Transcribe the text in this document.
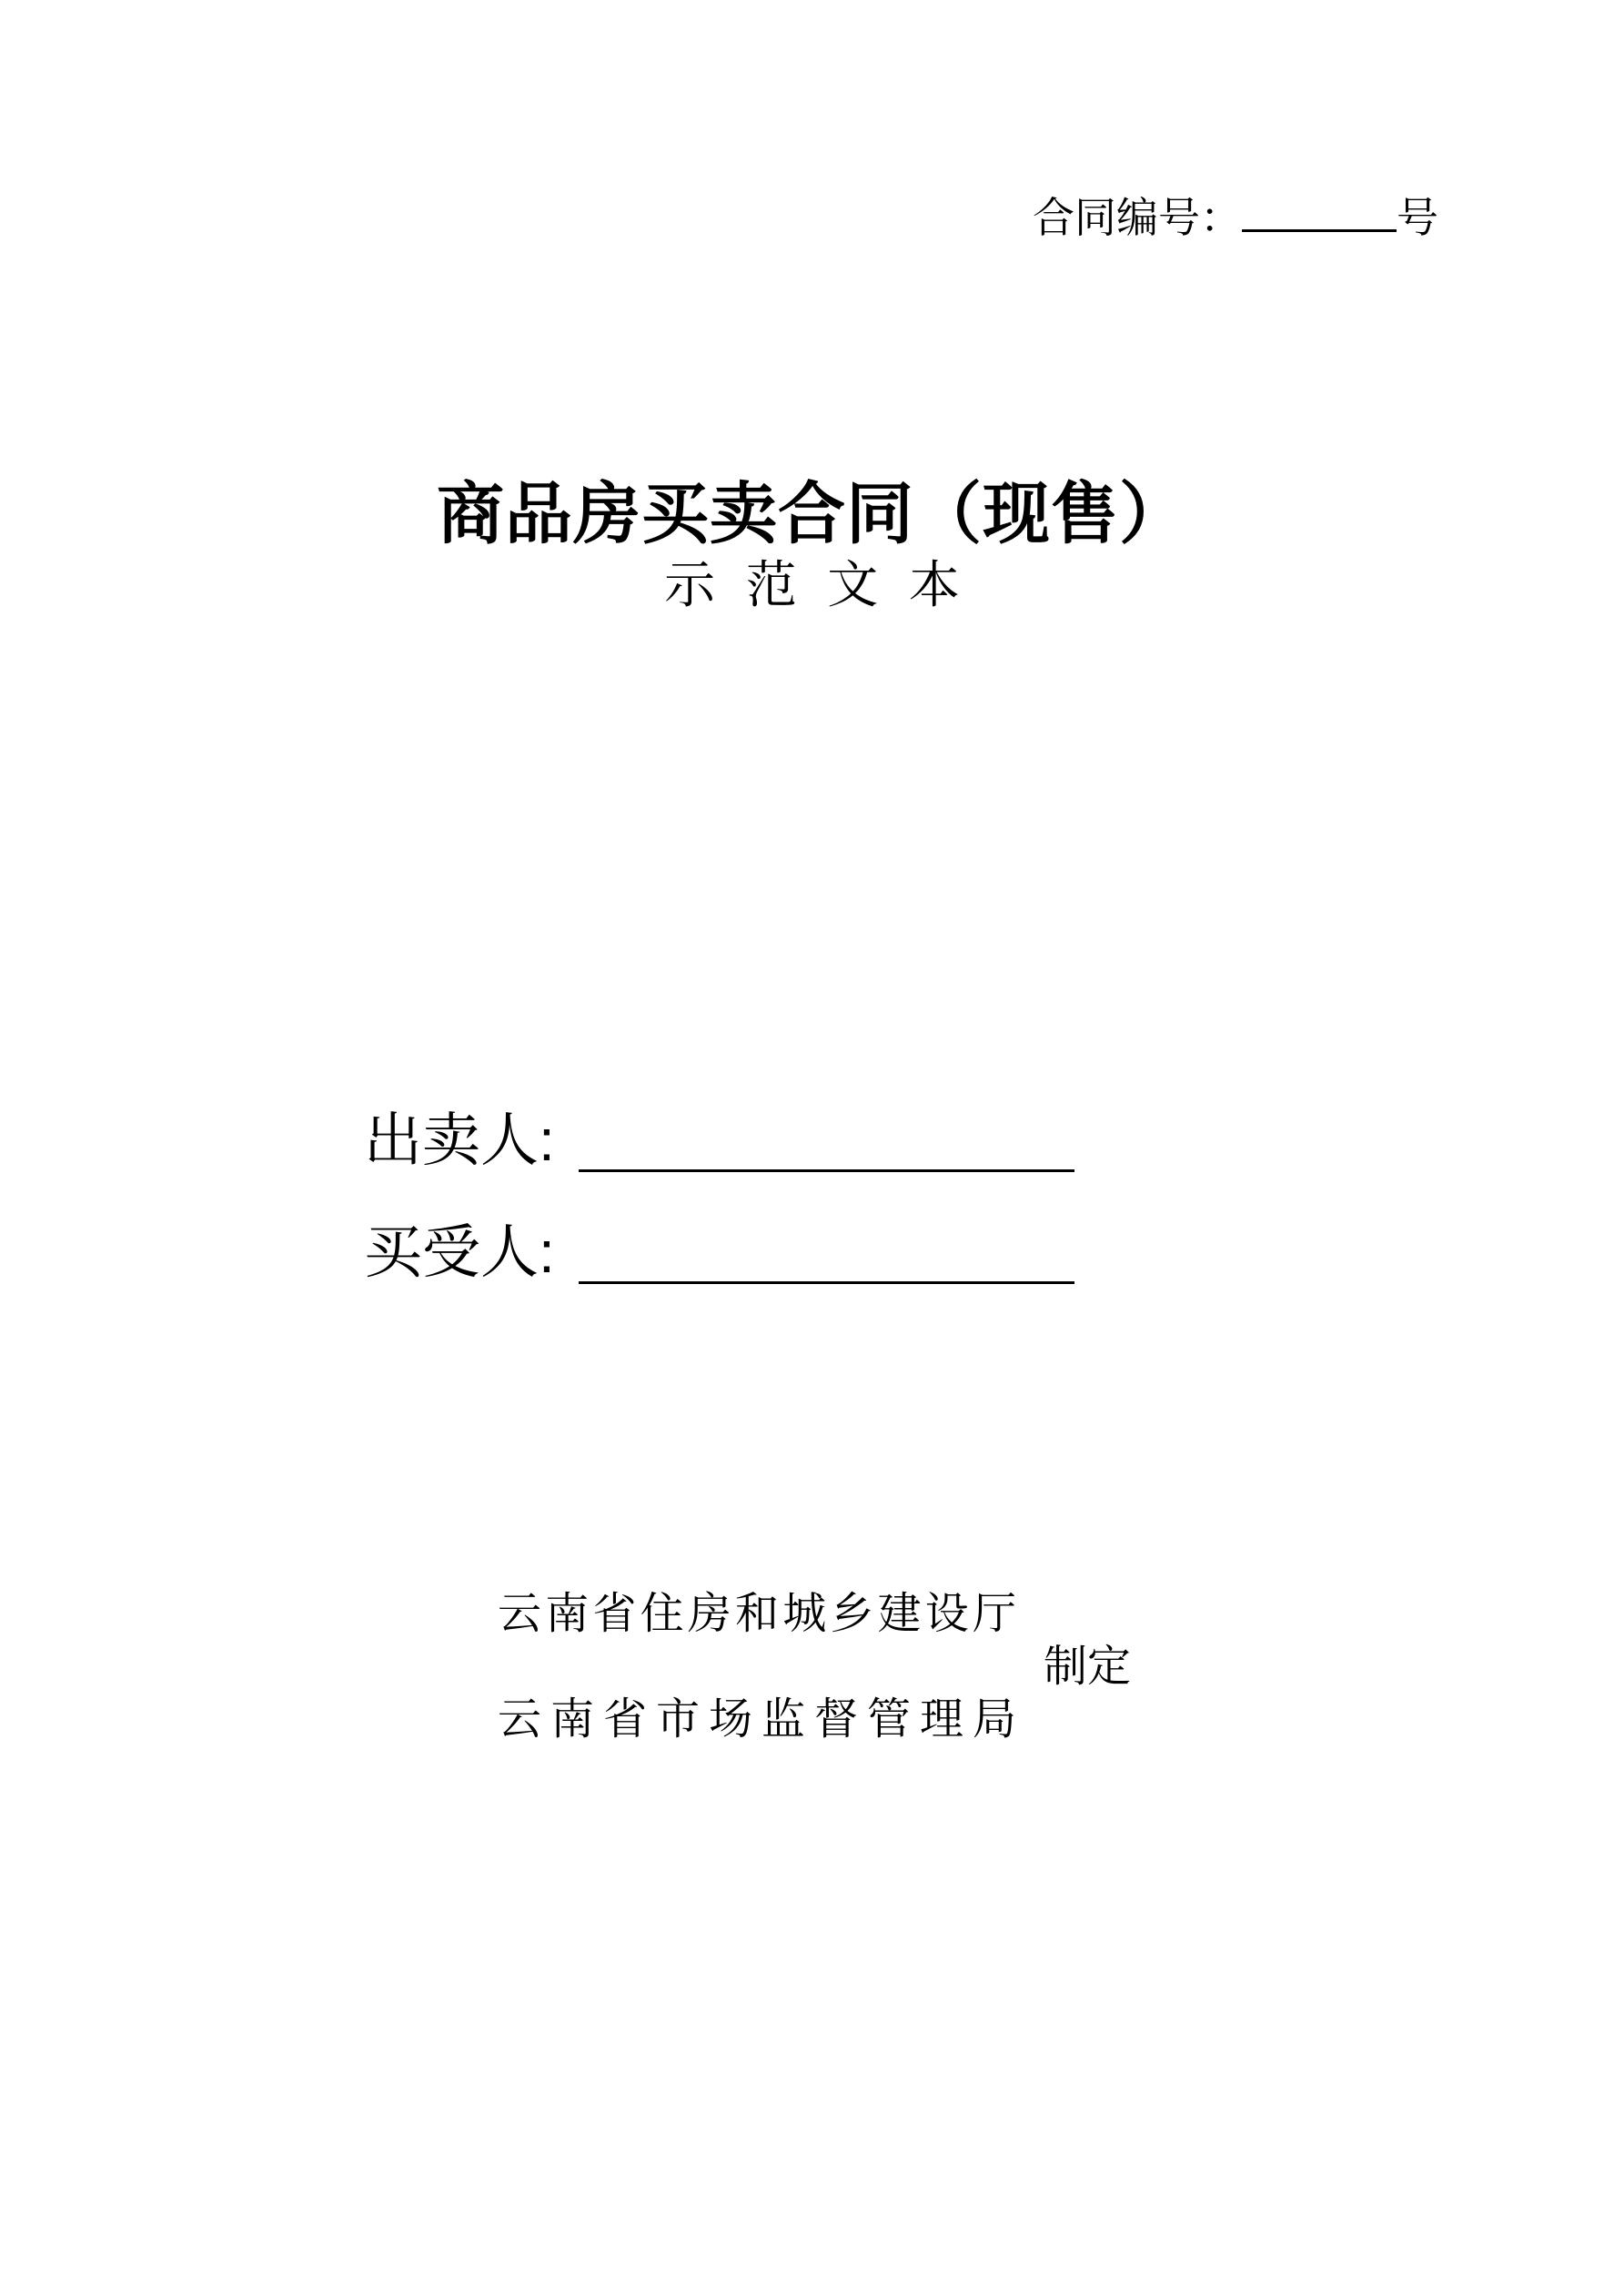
合同编号：	号
商品房买卖合同（现售）
示 范 文 本
出卖人:
买受人:
云南省住房和城乡建设厅
云南省市场监督管理局
制定
